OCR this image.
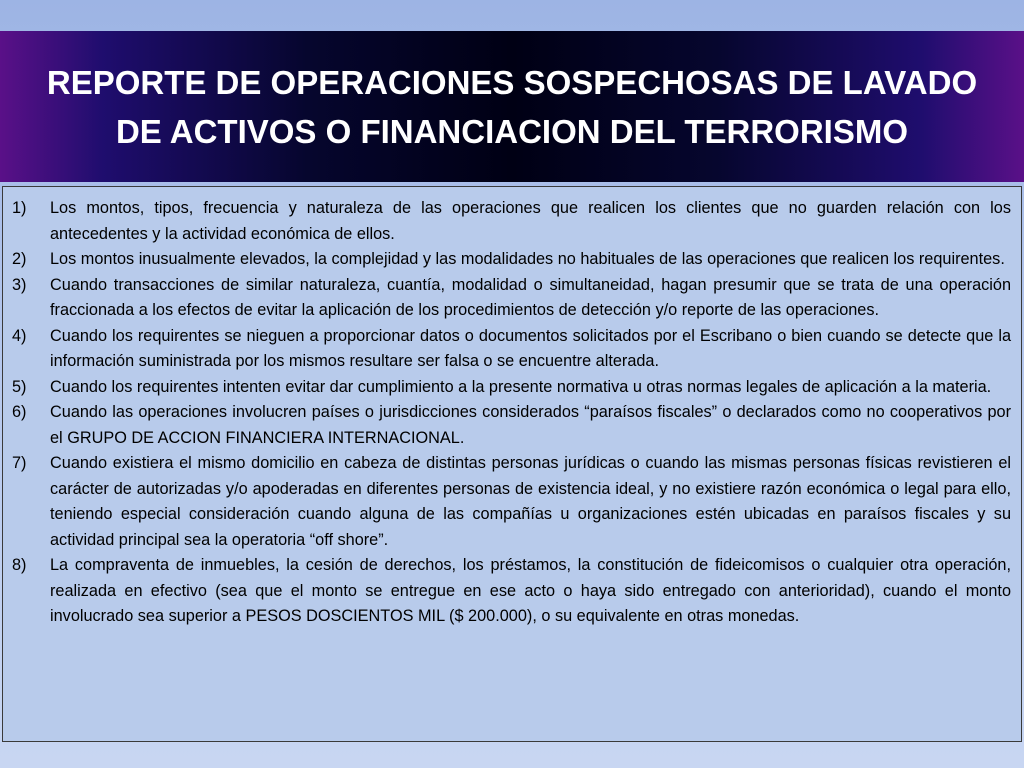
REPORTE DE OPERACIONES SOSPECHOSAS DE LAVADO
DE ACTIVOS O FINANCIACION DEL TERRORISMO
1)	Los montos, tipos, frecuencia y naturaleza de las operaciones que realicen los clientes que no guarden relación con los antecedentes y la actividad económica de ellos.
2)	Los montos inusualmente elevados, la complejidad y las modalidades no habituales de las operaciones que realicen los requirentes.
3)	Cuando transacciones de similar naturaleza, cuantía, modalidad o simultaneidad, hagan presumir que se trata de una operación fraccionada a los efectos de evitar la aplicación de los procedimientos de detección y/o reporte de las operaciones.
4)	Cuando los requirentes se nieguen a proporcionar datos o documentos solicitados por el Escribano o bien cuando se detecte que la información suministrada por los mismos resultare ser falsa o se encuentre alterada.
5)	Cuando los requirentes intenten evitar dar cumplimiento a la presente normativa u otras normas legales de aplicación a la materia.
6)	Cuando las operaciones involucren países o jurisdicciones considerados “paraísos fiscales” o declarados como no cooperativos por el GRUPO DE ACCION FINANCIERA INTERNACIONAL.
7)	Cuando existiera el mismo domicilio en cabeza de distintas personas jurídicas o cuando las mismas personas físicas revistieren el carácter de autorizadas y/o apoderadas en diferentes personas de existencia ideal, y no existiere razón económica o legal para ello, teniendo especial consideración cuando alguna de las compañías u organizaciones estén ubicadas en paraísos fiscales y su actividad principal sea la operatoria “off shore”.
8)	La compraventa de inmuebles, la cesión de derechos, los préstamos, la constitución de fideicomisos o cualquier otra operación, realizada en efectivo (sea que el monto se entregue en ese acto o haya sido entregado con anterioridad), cuando el monto involucrado sea superior a PESOS DOSCIENTOS MIL ($ 200.000), o su equivalente en otras monedas.
